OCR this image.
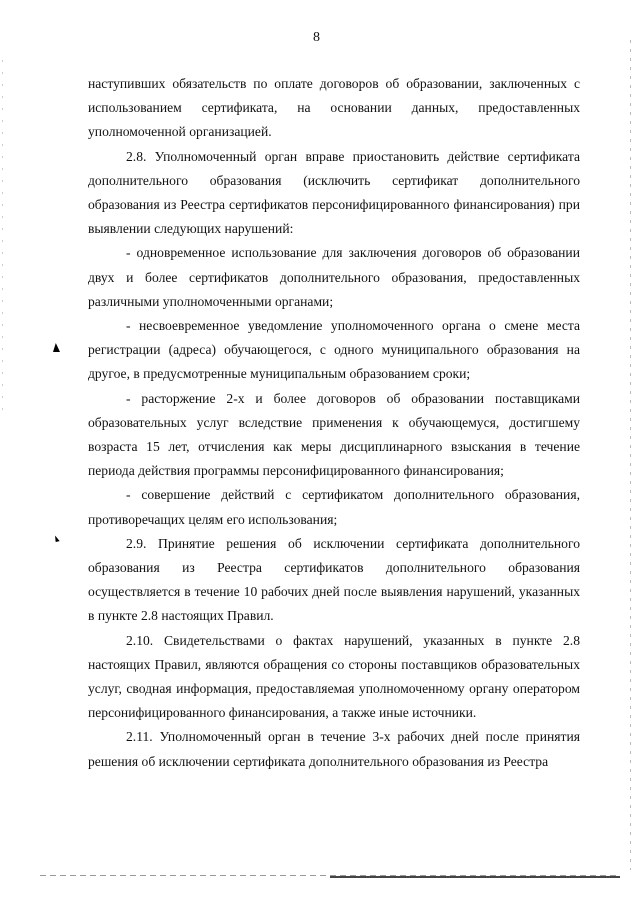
8

наступивших обязательств по оплате договоров об образовании, заключенных с использованием сертификата, на основании данных, предоставленных уполномоченной организацией.

2.8. Уполномоченный орган вправе приостановить действие сертификата дополнительного образования (исключить сертификат дополнительного образования из Реестра сертификатов персонифицированного финансирования) при выявлении следующих нарушений:

- одновременное использование для заключения договоров об образовании двух и более сертификатов дополнительного образования, предоставленных различными уполномоченными органами;

- несвоевременное уведомление уполномоченного органа о смене места регистрации (адреса) обучающегося, с одного муниципального образования на другое, в предусмотренные муниципальным образованием сроки;

- расторжение 2-х и более договоров об образовании поставщиками образовательных услуг вследствие применения к обучающемуся, достигшему возраста 15 лет, отчисления как меры дисциплинарного взыскания в течение периода действия программы персонифицированного финансирования;

- совершение действий с сертификатом дополнительного образования, противоречащих целям его использования;

2.9. Принятие решения об исключении сертификата дополнительного образования из Реестра сертификатов дополнительного образования осуществляется в течение 10 рабочих дней после выявления нарушений, указанных в пункте 2.8 настоящих Правил.

2.10. Свидетельствами о фактах нарушений, указанных в пункте 2.8 настоящих Правил, являются обращения со стороны поставщиков образовательных услуг, сводная информация, предоставляемая уполномоченному органу оператором персонифицированного финансирования, а также иные источники.

2.11. Уполномоченный орган в течение 3-х рабочих дней после принятия решения об исключении сертификата дополнительного образования из Реестра
